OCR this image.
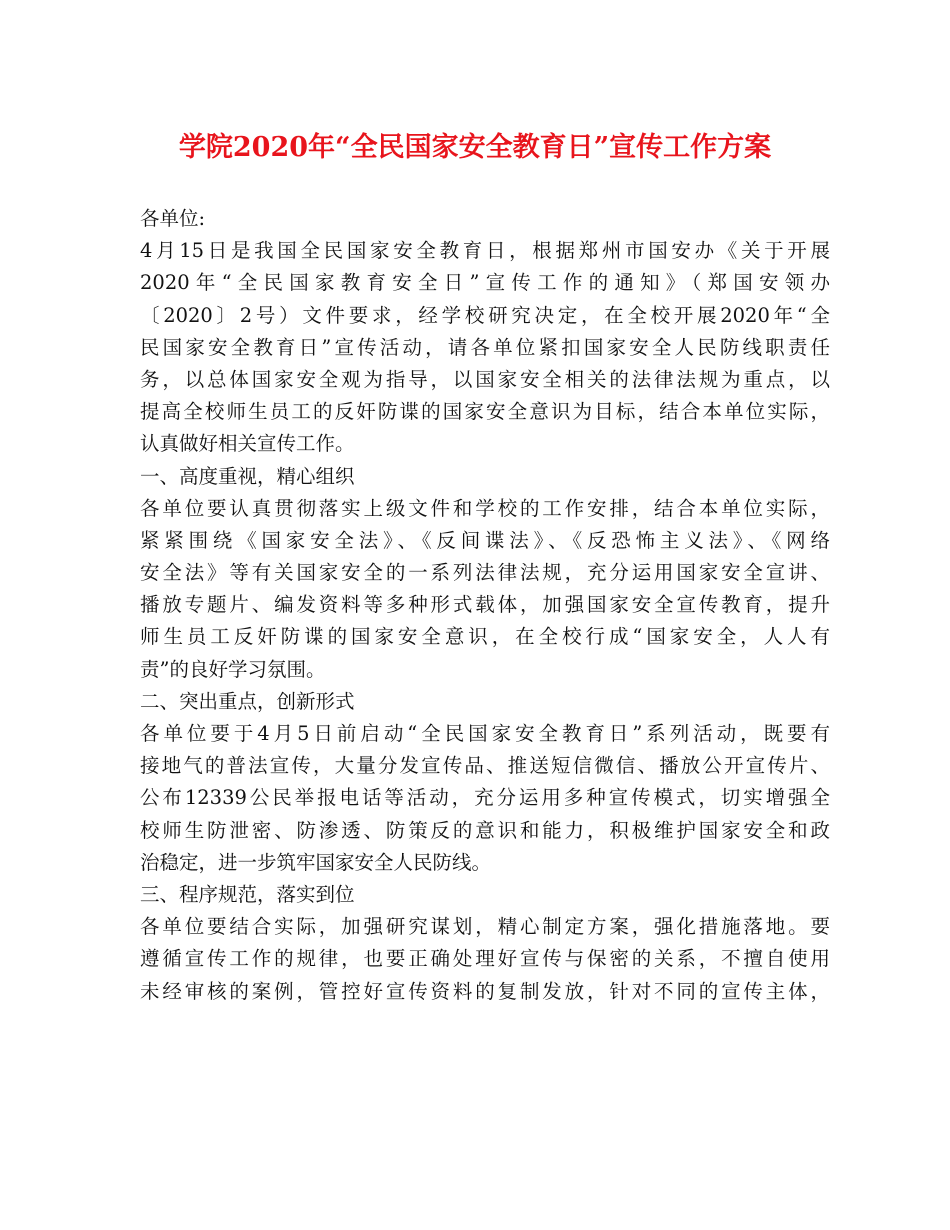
学院2020年“全民国家安全教育日”宣传工作方案
各单位:
4月15日是我国全民国家安全教育日，根据郑州市国安办《关于开展
2020年“全民国家教育安全日”宣传工作的通知》（郑国安领办
〔2020〕2号）文件要求，经学校研究决定，在全校开展2020年“全
民国家安全教育日”宣传活动，请各单位紧扣国家安全人民防线职责任
务，以总体国家安全观为指导，以国家安全相关的法律法规为重点，以
提高全校师生员工的反奸防谍的国家安全意识为目标，结合本单位实际，
认真做好相关宣传工作。
一、高度重视，精心组织
各单位要认真贯彻落实上级文件和学校的工作安排，结合本单位实际，
紧紧围绕《国家安全法》、《反间谍法》、《反恐怖主义法》、《网络
安全法》等有关国家安全的一系列法律法规，充分运用国家安全宣讲、
播放专题片、编发资料等多种形式载体，加强国家安全宣传教育，提升
师生员工反奸防谍的国家安全意识，在全校行成“国家安全，人人有
责”的良好学习氛围。
二、突出重点，创新形式
各单位要于4月5日前启动“全民国家安全教育日”系列活动，既要有
接地气的普法宣传，大量分发宣传品、推送短信微信、播放公开宣传片、
公布12339公民举报电话等活动，充分运用多种宣传模式，切实增强全
校师生防泄密、防渗透、防策反的意识和能力，积极维护国家安全和政
治稳定，进一步筑牢国家安全人民防线。
三、程序规范，落实到位
各单位要结合实际，加强研究谋划，精心制定方案，强化措施落地。要
遵循宣传工作的规律，也要正确处理好宣传与保密的关系，不擅自使用
未经审核的案例，管控好宣传资料的复制发放，针对不同的宣传主体，
